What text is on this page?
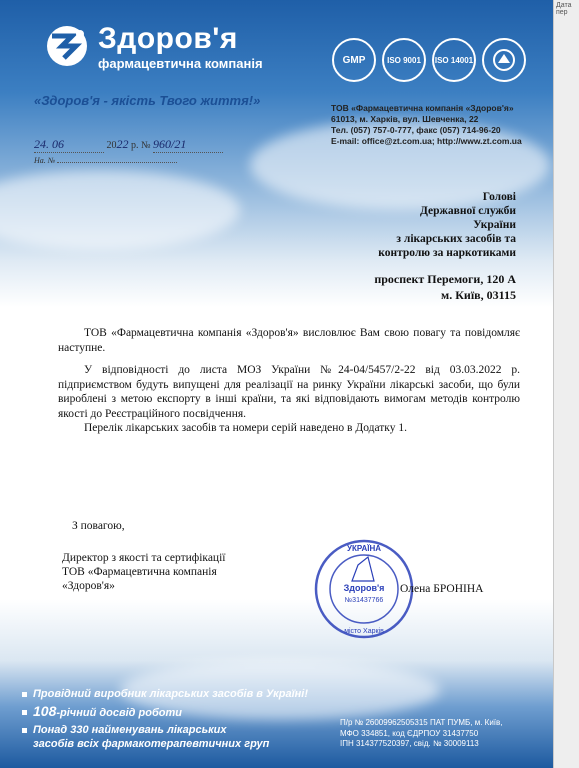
Здоров'я
фармацевтична компанія
«Здоров'я - якість Твого життя!»
GMP	ISO 9001	ISO 14001
ТОВ «Фармацевтична компанія «Здоров'я»
61013, м. Харків, вул. Шевченка, 22
Тел. (057) 757-0-777, факс (057) 714-96-20
E-mail: office@zt.com.ua; http://www.zt.com.ua
24. 06	2022 р. № 960/21
На. №
Голові
Державної служби
України
з лікарських засобів та
контролю за наркотиками
проспект Перемоги, 120 А
м. Київ, 03115

ТОВ «Фармацевтична компанія «Здоров'я» висловлює Вам свою повагу та повідомляє наступне.

У відповідності до листа МОЗ України №24-04/5457/2-22 від 03.03.2022 р. підприємством будуть випущені для реалізації на ринку України лікарські засоби, що були вироблені з метою експорту в інші країни, та які відповідають вимогам методів контролю якості до Реєстраційного посвідчення.

Перелік лікарських засобів та номери серій наведено в Додатку 1.

З повагою,
Директор з якості та сертифікації
ТОВ «Фармацевтична компанія
«Здоров'я»
УКРАЇНА
Здоров'я
№31437766
місто Харків
Олена БРОНІНА
Провідний виробник лікарських засобів в Україні!
108-річний досвід роботи
Понад 330 найменувань лікарських
засобів всіх фармакотерапевтичних груп
П/р № 26009962505315 ПАТ ПУМБ, м. Київ,
МФО 334851, код ЄДРПОУ 31437750
ІПН 314377520397, свід. № 30009113
Дата пер
